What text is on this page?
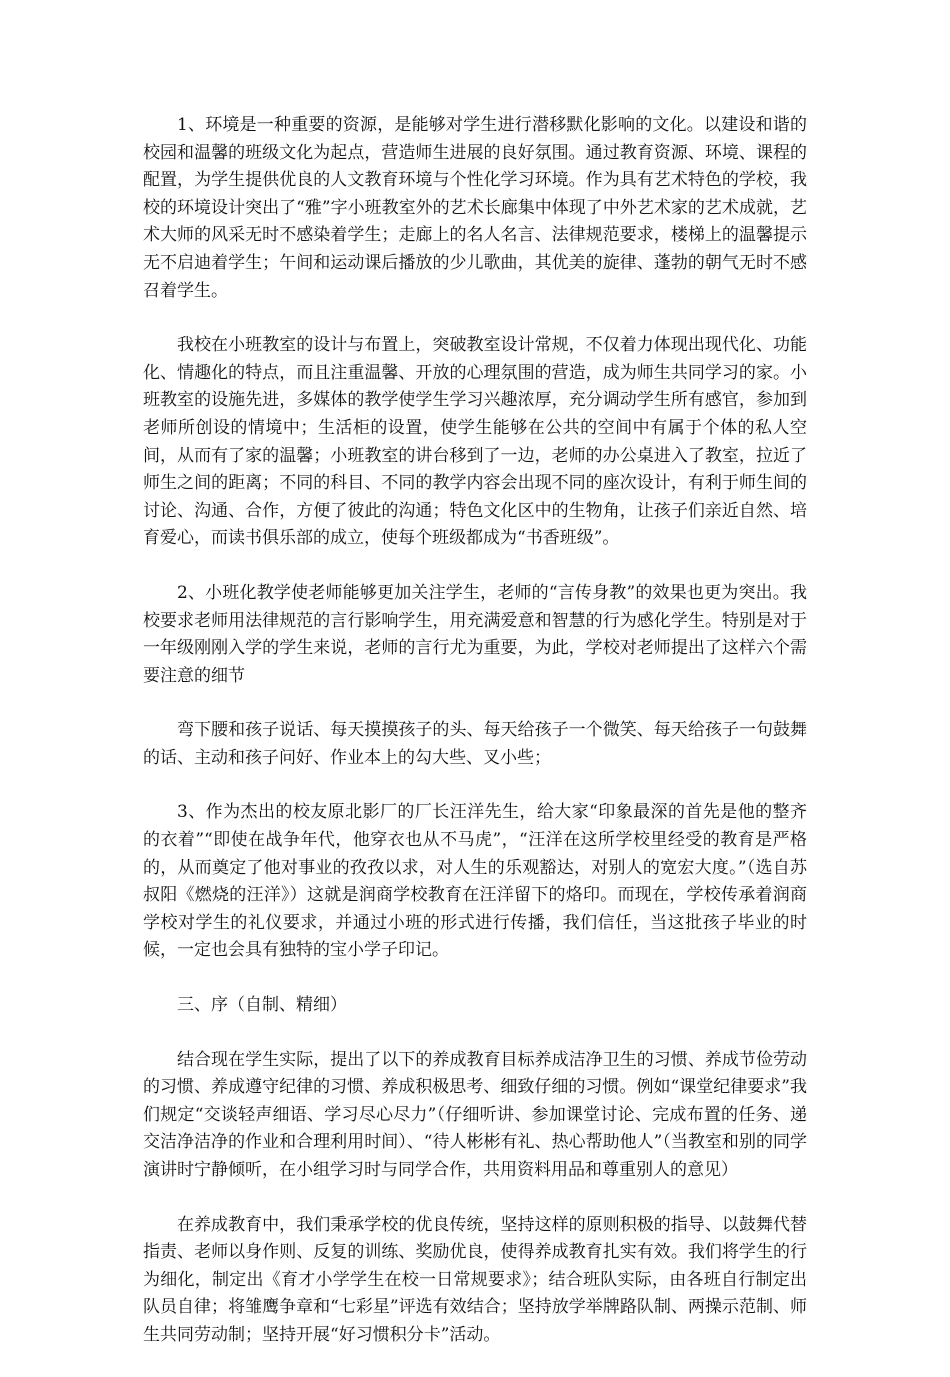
1、环境是一种重要的资源，是能够对学生进行潜移默化影响的文化。以建设和谐的校园和温馨的班级文化为起点，营造师生进展的良好氛围。通过教育资源、环境、课程的配置，为学生提供优良的人文教育环境与个性化学习环境。作为具有艺术特色的学校，我校的环境设计突出了“雅”字小班教室外的艺术长廊集中体现了中外艺术家的艺术成就，艺术大师的风采无时不感染着学生；走廊上的名人名言、法律规范要求，楼梯上的温馨提示无不启迪着学生；午间和运动课后播放的少儿歌曲，其优美的旋律、蓬勃的朝气无时不感召着学生。

我校在小班教室的设计与布置上，突破教室设计常规，不仅着力体现出现代化、功能化、情趣化的特点，而且注重温馨、开放的心理氛围的营造，成为师生共同学习的家。小班教室的设施先进，多媒体的教学使学生学习兴趣浓厚，充分调动学生所有感官，参加到老师所创设的情境中；生活柜的设置，使学生能够在公共的空间中有属于个体的私人空间，从而有了家的温馨；小班教室的讲台移到了一边，老师的办公桌进入了教室，拉近了师生之间的距离；不同的科目、不同的教学内容会出现不同的座次设计，有利于师生间的讨论、沟通、合作，方便了彼此的沟通；特色文化区中的生物角，让孩子们亲近自然、培育爱心，而读书俱乐部的成立，使每个班级都成为“书香班级”。

2、小班化教学使老师能够更加关注学生，老师的“言传身教”的效果也更为突出。我校要求老师用法律规范的言行影响学生，用充满爱意和智慧的行为感化学生。特别是对于一年级刚刚入学的学生来说，老师的言行尤为重要，为此，学校对老师提出了这样六个需要注意的细节

弯下腰和孩子说话、每天摸摸孩子的头、每天给孩子一个微笑、每天给孩子一句鼓舞的话、主动和孩子问好、作业本上的勾大些、叉小些；

3、作为杰出的校友原北影厂的厂长汪洋先生，给大家“印象最深的首先是他的整齐的衣着”“即使在战争年代，他穿衣也从不马虎”，“汪洋在这所学校里经受的教育是严格的，从而奠定了他对事业的孜孜以求，对人生的乐观豁达，对别人的宽宏大度。”（选自苏叔阳《燃烧的汪洋》）这就是润商学校教育在汪洋留下的烙印。而现在，学校传承着润商学校对学生的礼仪要求，并通过小班的形式进行传播，我们信任，当这批孩子毕业的时候，一定也会具有独特的宝小学子印记。

三、序（自制、精细）

结合现在学生实际，提出了以下的养成教育目标养成洁净卫生的习惯、养成节俭劳动的习惯、养成遵守纪律的习惯、养成积极思考、细致仔细的习惯。例如“课堂纪律要求”我们规定“交谈轻声细语、学习尽心尽力”（仔细听讲、参加课堂讨论、完成布置的任务、递交洁净洁净的作业和合理利用时间）、“待人彬彬有礼、热心帮助他人”（当教室和别的同学演讲时宁静倾听，在小组学习时与同学合作，共用资料用品和尊重别人的意见）

在养成教育中，我们秉承学校的优良传统，坚持这样的原则积极的指导、以鼓舞代替指责、老师以身作则、反复的训练、奖励优良，使得养成教育扎实有效。我们将学生的行为细化，制定出《育才小学学生在校一日常规要求》；结合班队实际，由各班自行制定出队员自律；将雏鹰争章和“七彩星”评选有效结合；坚持放学举牌路队制、两操示范制、师生共同劳动制；坚持开展“好习惯积分卡”活动。
